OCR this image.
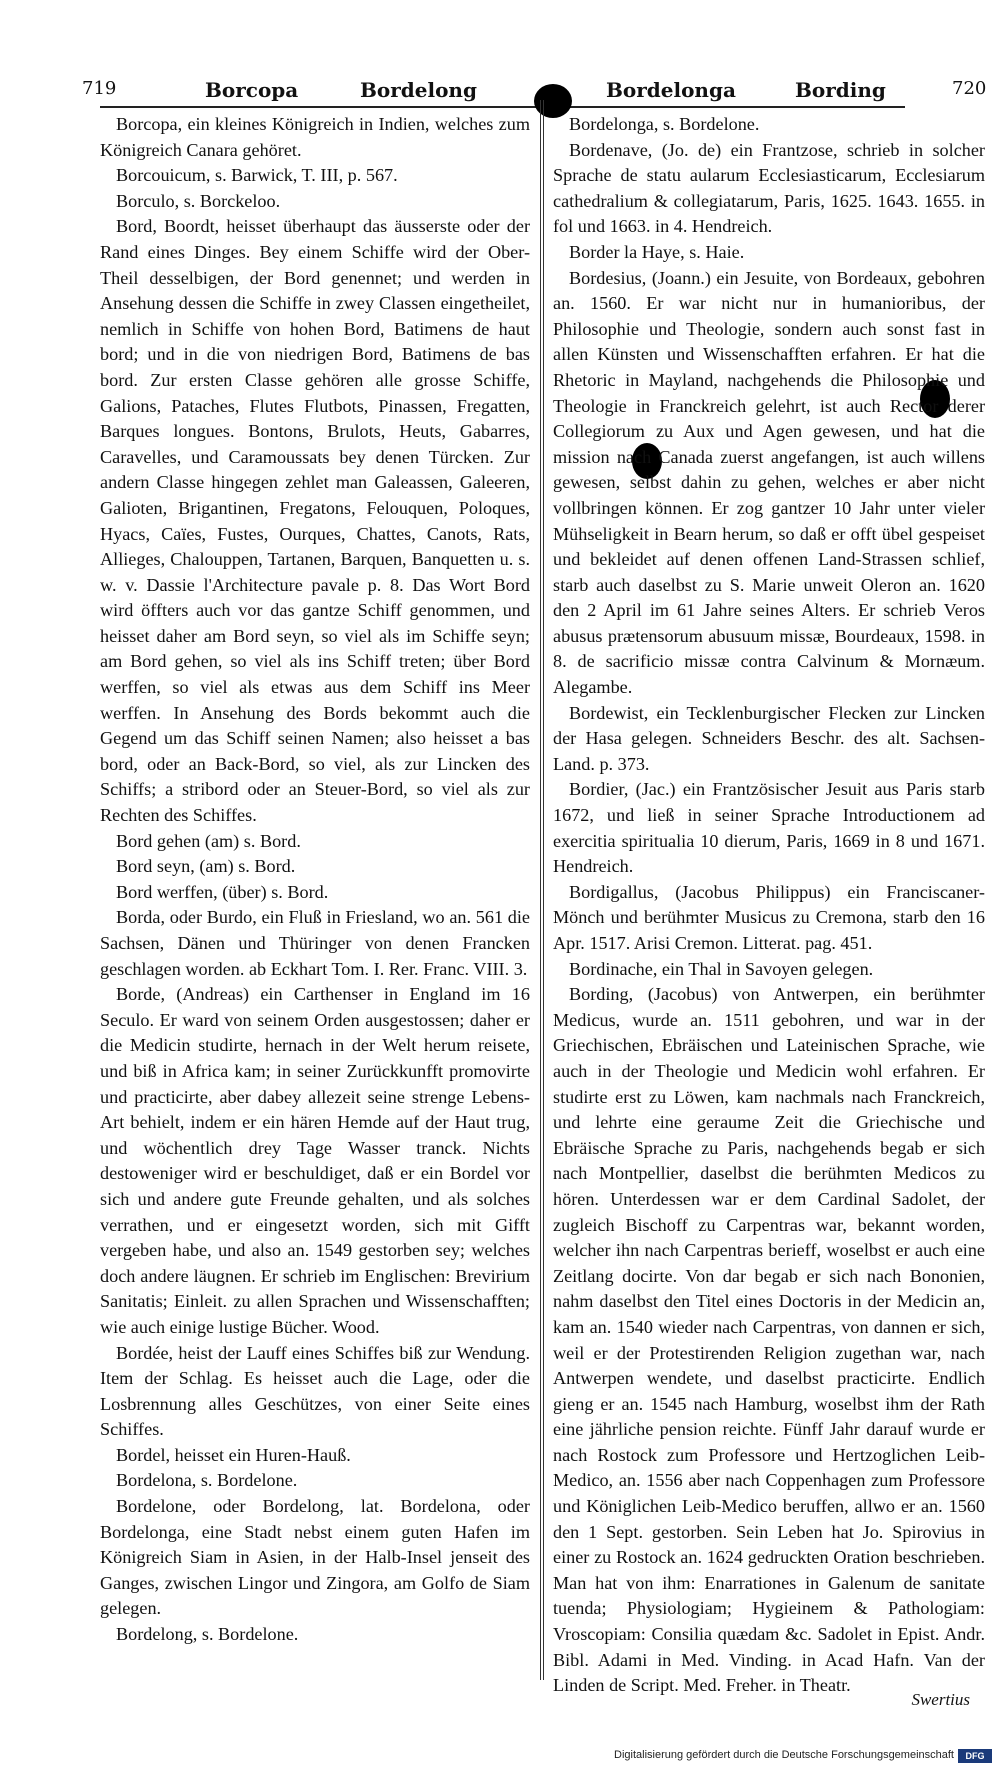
719	Borcopa	Bordelong	Bordelonga	Bording	720

Borcopa, ein kleines Königreich in Indien, welches zum Königreich Canara gehöret.

Borcouicum, s. Barwick, T. III, p. 567.

Borculo, s. Borckeloo.

Bord, Boordt, heisset überhaupt das äusserste oder der Rand eines Dinges. Bey einem Schiffe wird der Ober-Theil desselbigen, der Bord genennet; und werden in Ansehung dessen die Schiffe in zwey Classen eingetheilet, nemlich in Schiffe von hohen Bord, Batimens de haut bord; und in die von niedrigen Bord, Batimens de bas bord. Zur ersten Classe gehören alle grosse Schiffe, Galions, Pataches, Flutes Flutbots, Pinassen, Fregatten, Barques longues. Bontons, Brulots, Heuts, Gabarres, Caravelles, und Caramoussats bey denen Türcken. Zur andern Classe hingegen zehlet man Galeassen, Galeeren, Galioten, Brigantinen, Fregatons, Felouquen, Poloques, Hyacs, Caïes, Fustes, Ourques, Chattes, Canots, Rats, Allieges, Chalouppen, Tartanen, Barquen, Banquetten u. s. w. v. Dassie l'Architecture pavale p. 8. Das Wort Bord wird öffters auch vor das gantze Schiff genommen, und heisset daher am Bord seyn, so viel als im Schiffe seyn; am Bord gehen, so viel als ins Schiff treten; über Bord werffen, so viel als etwas aus dem Schiff ins Meer werffen. In Ansehung des Bords bekommt auch die Gegend um das Schiff seinen Namen; also heisset a bas bord, oder an Back-Bord, so viel, als zur Lincken des Schiffs; a stribord oder an Steuer-Bord, so viel als zur Rechten des Schiffes.

Bord gehen (am) s. Bord.

Bord seyn, (am) s. Bord.

Bord werffen, (über) s. Bord.

Borda, oder Burdo, ein Fluß in Friesland, wo an. 561 die Sachsen, Dänen und Thüringer von denen Francken geschlagen worden. ab Eckhart Tom. I. Rer. Franc. VIII. 3.

Borde, (Andreas) ein Carthenser in England im 16 Seculo. Er ward von seinem Orden ausgestossen; daher er die Medicin studirte, hernach in der Welt herum reisete, und biß in Africa kam; in seiner Zurückkunfft promovirte und practicirte, aber dabey allezeit seine strenge Lebens-Art behielt, indem er ein hären Hemde auf der Haut trug, und wöchentlich drey Tage Wasser tranck. Nichts destoweniger wird er beschuldiget, daß er ein Bordel vor sich und andere gute Freunde gehalten, und als solches verrathen, und er eingesetzt worden, sich mit Gifft vergeben habe, und also an. 1549 gestorben sey; welches doch andere läugnen. Er schrieb im Englischen: Brevirium Sanitatis; Einleit. zu allen Sprachen und Wissenschafften; wie auch einige lustige Bücher. Wood.

Bordée, heist der Lauff eines Schiffes biß zur Wendung. Item der Schlag. Es heisset auch die Lage, oder die Losbrennung alles Geschützes, von einer Seite eines Schiffes.

Bordel, heisset ein Huren-Hauß.

Bordelona, s. Bordelone.

Bordelone, oder Bordelong, lat. Bordelona, oder Bordelonga, eine Stadt nebst einem guten Hafen im Königreich Siam in Asien, in der Halb-Insel jenseit des Ganges, zwischen Lingor und Zingora, am Golfo de Siam gelegen.

Bordelong, s. Bordelone.

Bordelonga, s. Bordelone.

Bordenave, (Jo. de) ein Frantzose, schrieb in solcher Sprache de statu aularum Ecclesiasticarum, Ecclesiarum cathedralium & collegiatarum, Paris, 1625. 1643. 1655. in fol und 1663. in 4. Hendreich.

Border la Haye, s. Haie.

Bordesius, (Joann.) ein Jesuite, von Bordeaux, gebohren an. 1560. Er war nicht nur in humanioribus, der Philosophie und Theologie, sondern auch sonst fast in allen Künsten und Wissenschafften erfahren. Er hat die Rhetoric in Mayland, nachgehends die Philosophie und Theologie in Franckreich gelehrt, ist auch Rector derer Collegiorum zu Aux und Agen gewesen, und hat die mission nach Canada zuerst angefangen, ist auch willens gewesen, selbst dahin zu gehen, welches er aber nicht vollbringen können. Er zog gantzer 10 Jahr unter vieler Mühseligkeit in Bearn herum, so daß er offt übel gespeiset und bekleidet auf denen offenen Land-Strassen schlief, starb auch daselbst zu S. Marie unweit Oleron an. 1620 den 2 April im 61 Jahre seines Alters. Er schrieb Veros abusus prætensorum abusuum missæ, Bourdeaux, 1598. in 8. de sacrificio missæ contra Calvinum & Mornæum. Alegambe.

Bordewist, ein Tecklenburgischer Flecken zur Lincken der Hasa gelegen. Schneiders Beschr. des alt. Sachsen-Land. p. 373.

Bordier, (Jac.) ein Frantzösischer Jesuit aus Paris starb 1672, und ließ in seiner Sprache Introductionem ad exercitia spiritualia 10 dierum, Paris, 1669 in 8 und 1671. Hendreich.

Bordigallus, (Jacobus Philippus) ein Franciscaner-Mönch und berühmter Musicus zu Cremona, starb den 16 Apr. 1517. Arisi Cremon. Litterat. pag. 451.

Bordinache, ein Thal in Savoyen gelegen.

Bording, (Jacobus) von Antwerpen, ein berühmter Medicus, wurde an. 1511 gebohren, und war in der Griechischen, Ebräischen und Lateinischen Sprache, wie auch in der Theologie und Medicin wohl erfahren. Er studirte erst zu Löwen, kam nachmals nach Franckreich, und lehrte eine geraume Zeit die Griechische und Ebräische Sprache zu Paris, nachgehends begab er sich nach Montpellier, daselbst die berühmten Medicos zu hören. Unterdessen war er dem Cardinal Sadolet, der zugleich Bischoff zu Carpentras war, bekannt worden, welcher ihn nach Carpentras berieff, woselbst er auch eine Zeitlang docirte. Von dar begab er sich nach Bononien, nahm daselbst den Titel eines Doctoris in der Medicin an, kam an. 1540 wieder nach Carpentras, von dannen er sich, weil er der Protestirenden Religion zugethan war, nach Antwerpen wendete, und daselbst practicirte. Endlich gieng er an. 1545 nach Hamburg, woselbst ihm der Rath eine jährliche pension reichte. Fünff Jahr darauf wurde er nach Rostock zum Professore und Hertzoglichen Leib-Medico, an. 1556 aber nach Coppenhagen zum Professore und Königlichen Leib-Medico beruffen, allwo er an. 1560 den 1 Sept. gestorben. Sein Leben hat Jo. Spirovius in einer zu Rostock an. 1624 gedruckten Oration beschrieben. Man hat von ihm: Enarrationes in Galenum de sanitate tuenda; Physiologiam; Hygieinem & Pathologiam: Vroscopiam: Consilia quædam &c. Sadolet in Epist. Andr. Bibl. Adami in Med. Vinding. in Acad Hafn. Van der Linden de Script. Med. Freher. in Theatr.

Swertius
Digitalisierung gefördert durch die Deutsche Forschungsgemeinschaft	DFG
